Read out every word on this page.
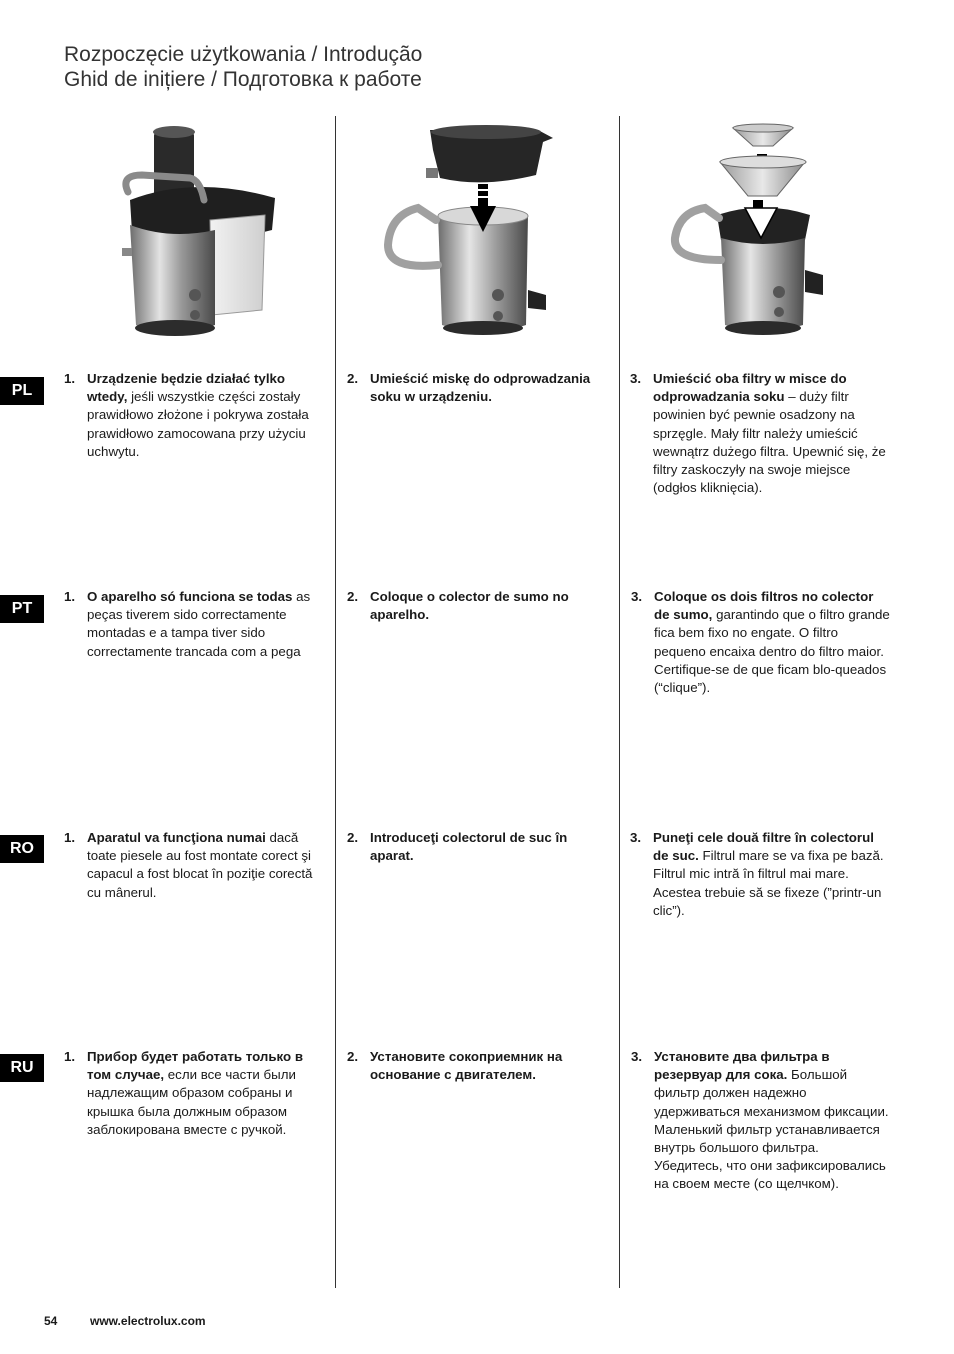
Rozpoczęcie użytkowania / Introdução
Ghid de inițiere / Подготовка к работе
PL
PT
RO
RU
1. Urządzenie będzie działać tylko wtedy, jeśli wszystkie części zostały prawidłowo złożone i pokrywa została prawidłowo zamocowana przy użyciu uchwytu.
2. Umieścić miskę do odprowadzania soku w urządzeniu.
3. Umieścić oba filtry w misce do odprowadzania soku – duży filtr powinien być pewnie osadzony na sprzęgle. Mały filtr należy umieścić wewnątrz dużego filtra. Upewnić się, że filtry zaskoczyły na swoje miejsce (odgłos kliknięcia).
1. O aparelho só funciona se todas as peças tiverem sido correctamente montadas e a tampa tiver sido correctamente trancada com a pega
2. Coloque o colector de sumo no aparelho.
3. Coloque os dois filtros no colector de sumo, garantindo que o filtro grande fica bem fixo no engate. O filtro pequeno encaixa dentro do filtro maior. Certifique-se de que ficam blo-queados (“clique”).
1. Aparatul va funcţiona numai dacă toate piesele au fost montate corect şi capacul a fost blocat în poziţie corectă cu mânerul.
2. Introduceţi colectorul de suc în aparat.
3. Puneţi cele două filtre în colectorul de suc. Filtrul mare se va fixa pe bază. Filtrul mic intră în filtrul mai mare. Acestea trebuie să se fixeze (”printr-un clic”).
1. Прибор будет работать только в том случае, если все части были надлежащим образом собраны и крышка была должным образом заблокирована вместе с ручкой.
2. Установите сокоприемник на основание с двигателем.
3. Установите два фильтра в резервуар для сока. Большой фильтр должен надежно удерживаться механизмом фиксации. Маленький фильтр устанавливается внутрь большого фильтра. Убедитесь, что они зафиксировались на своем месте (со щелчком).
54	www.electrolux.com
